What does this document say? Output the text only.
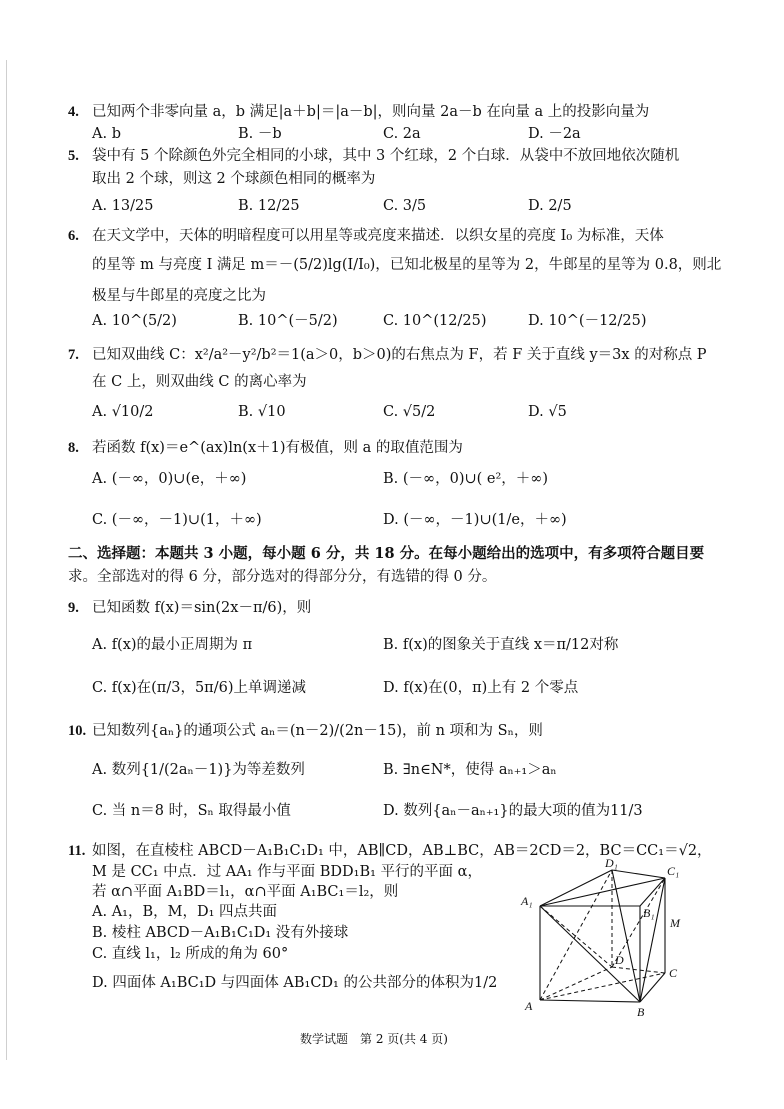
4. 已知两个非零向量 a，b 满足|a＋b|＝|a－b|，则向量 2a－b 在向量 a 上的投影向量为
A. b	B. －b	C. 2a	D. －2a
5. 袋中有 5 个除颜色外完全相同的小球，其中 3 个红球，2 个白球．从袋中不放回地依次随机
取出 2 个球，则这 2 个球颜色相同的概率为
A. 13/25	B. 12/25	C. 3/5	D. 2/5
6. 在天文学中，天体的明暗程度可以用星等或亮度来描述．以织女星的亮度 I₀ 为标准，天体
的星等 m 与亮度 I 满足 m＝－(5/2)lg(I/I₀)，已知北极星的星等为 2，牛郎星的星等为 0.8，则北
极星与牛郎星的亮度之比为
A. 10^(5/2)	B. 10^(－5/2)	C. 10^(12/25)	D. 10^(－12/25)
7. 已知双曲线 C：x²/a²－y²/b²＝1(a＞0，b＞0)的右焦点为 F，若 F 关于直线 y＝3x 的对称点 P
在 C 上，则双曲线 C 的离心率为
A. √10/2	B. √10	C. √5/2	D. √5
8. 若函数 f(x)＝e^(ax)ln(x＋1)有极值，则 a 的取值范围为
A. (－∞，0)∪(e，＋∞)	B. (－∞，0)∪( e²，＋∞)
C. (－∞，－1)∪(1，＋∞)	D. (－∞，－1)∪(1/e，＋∞)
二、选择题：本题共 3 小题，每小题 6 分，共 18 分。在每小题给出的选项中，有多项符合题目要
求。全部选对的得 6 分，部分选对的得部分分，有选错的得 0 分。
9. 已知函数 f(x)＝sin(2x－π/6)，则
A. f(x)的最小正周期为 π	B. f(x)的图象关于直线 x＝π/12对称
C. f(x)在(π/3，5π/6)上单调递减	D. f(x)在(0，π)上有 2 个零点
10. 已知数列{aₙ}的通项公式 aₙ＝(n－2)/(2n－15)，前 n 项和为 Sₙ，则
A. 数列{1/(2aₙ－1)}为等差数列	B. ∃n∈N*，使得 aₙ₊₁＞aₙ
C. 当 n＝8 时，Sₙ 取得最小值	D. 数列{aₙ－aₙ₊₁}的最大项的值为11/3
11. 如图，在直棱柱 ABCD－A₁B₁C₁D₁ 中，AB∥CD，AB⊥BC，AB＝2CD＝2，BC＝CC₁＝√2，
M 是 CC₁ 中点．过 AA₁ 作与平面 BDD₁B₁ 平行的平面 α，
若 α∩平面 A₁BD＝l₁，α∩平面 A₁BC₁＝l₂，则
A. A₁，B，M，D₁ 四点共面
B. 棱柱 ABCD－A₁B₁C₁D₁ 没有外接球
C. 直线 l₁，l₂ 所成的角为 60°
D. 四面体 A₁BC₁D 与四面体 AB₁CD₁ 的公共部分的体积为1/2
D₁
C₁
A₁
B₁
M
D
C
A	B
数学试题　第 2 页(共 4 页)
